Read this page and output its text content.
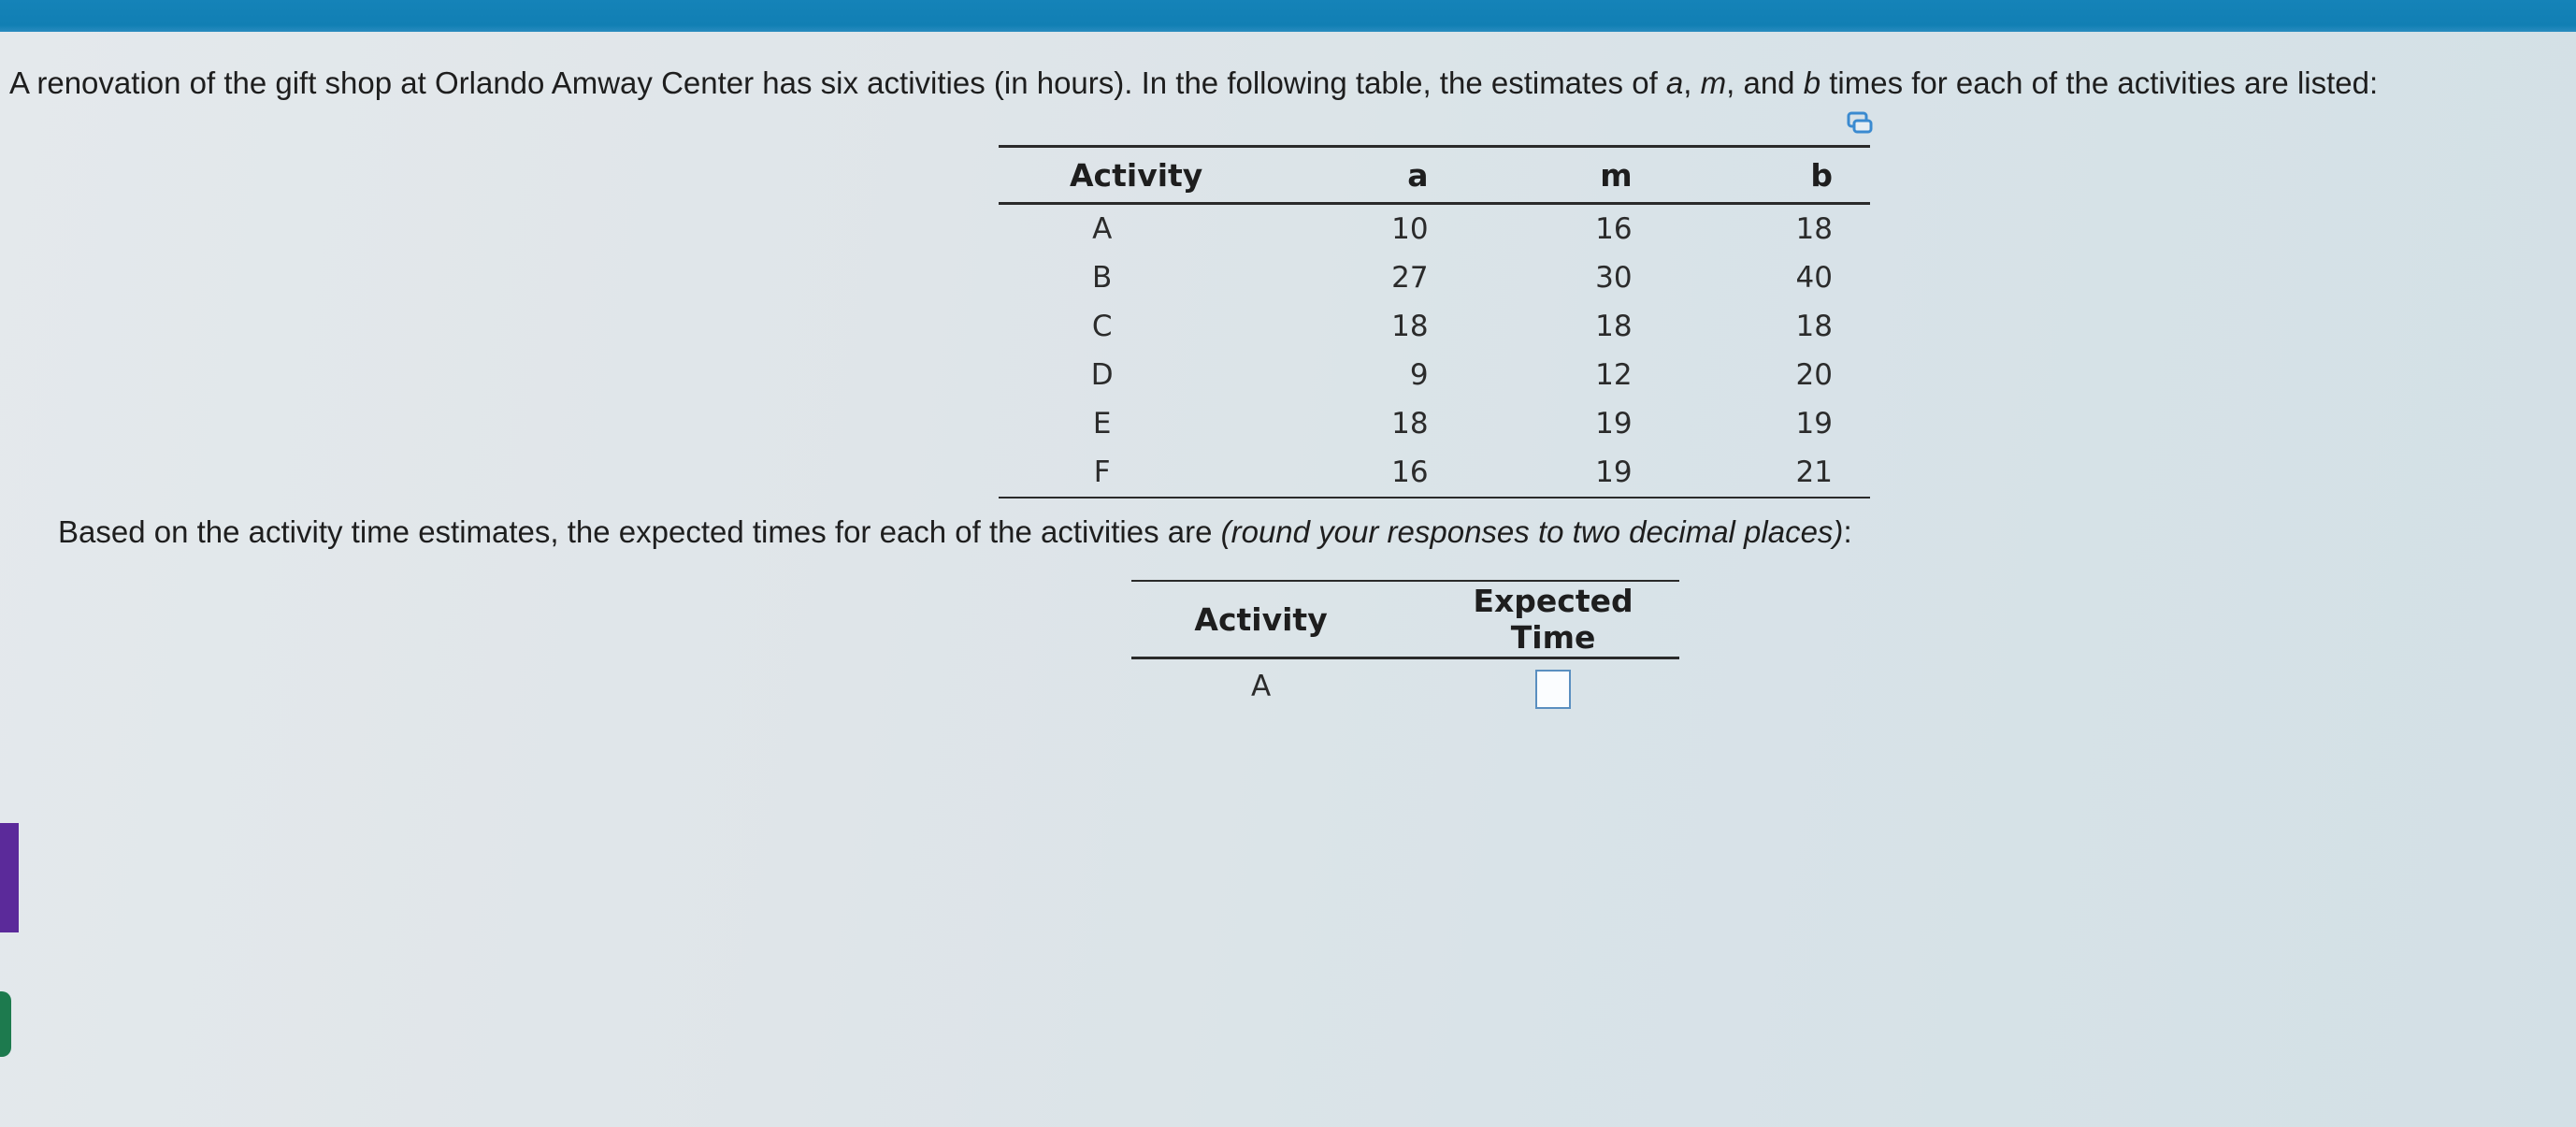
A renovation of the gift shop at Orlando Amway Center has six activities (in hours). In the following table, the estimates of a, m, and b times for each of the activities are listed:
Activity	a	m	b
A	10	16	18
B	27	30	40
C	18	18	18
D	9	12	20
E	18	19	19
F	16	19	21
Based on the activity time estimates, the expected times for each of the activities are (round your responses to two decimal places):
Activity	Expected Time
A	
